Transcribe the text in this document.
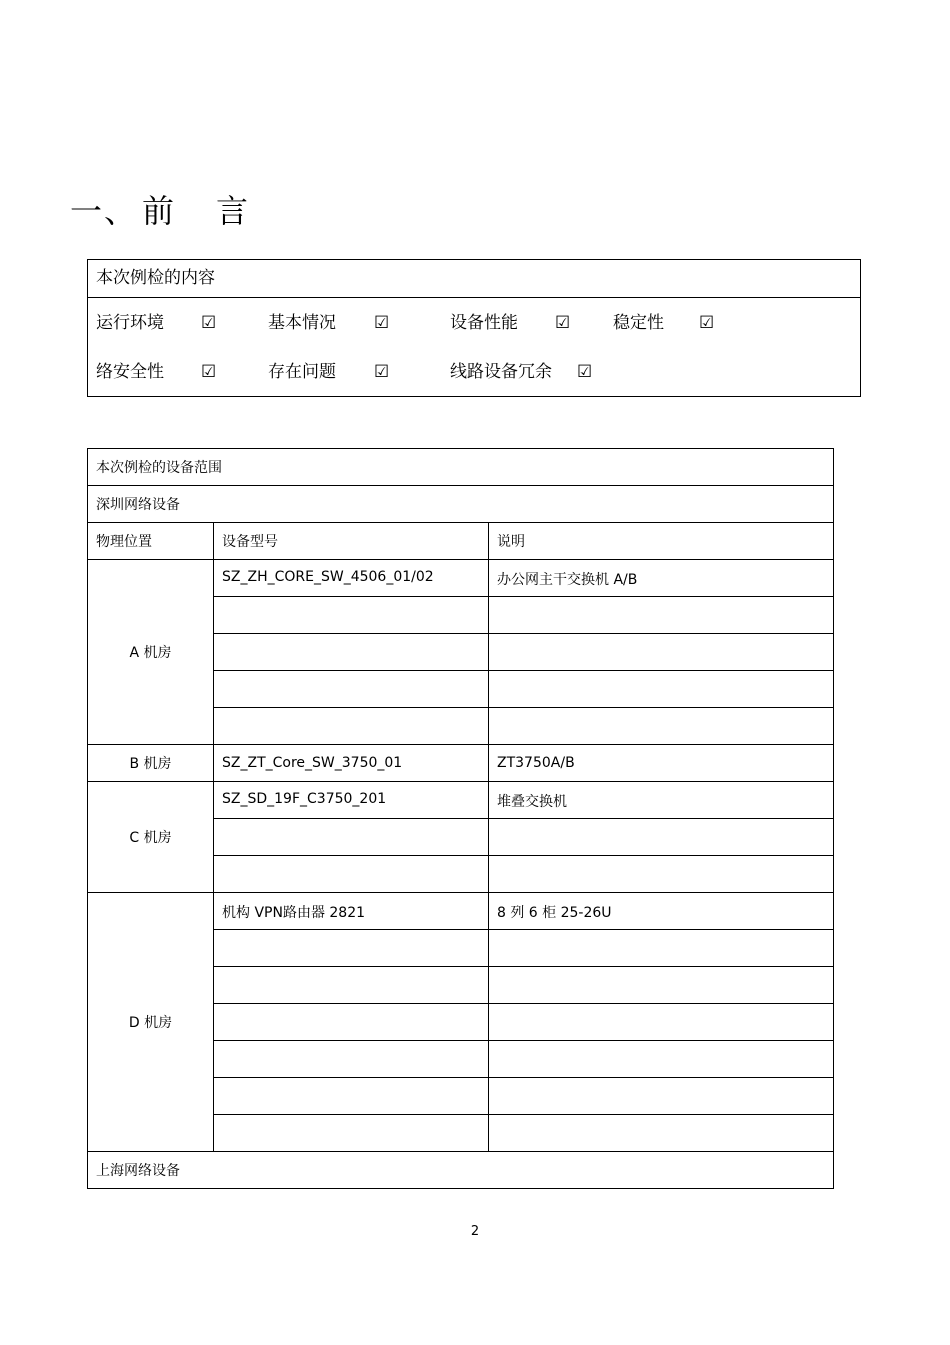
一、 前 言
本次例检的内容
运行环境 ☑	基本情况 ☑	设备性能 ☑	稳定性 ☑
络安全性 ☑	存在问题 ☑	线路设备冗余 ☑
本次例检的设备范围		
深圳网络设备		
物理位置	设备型号	说明
A 机房	SZ_ZH_CORE_SW_4506_01/02	办公网主干交换机 A/B

B 机房	SZ_ZT_Core_SW_3750_01	ZT3750A/B
C 机房	SZ_SD_19F_C3750_201	堆叠交换机

D 机房	机构 VPN路由器 2821	8 列 6 柜 25-26U

上海网络设备		
2
